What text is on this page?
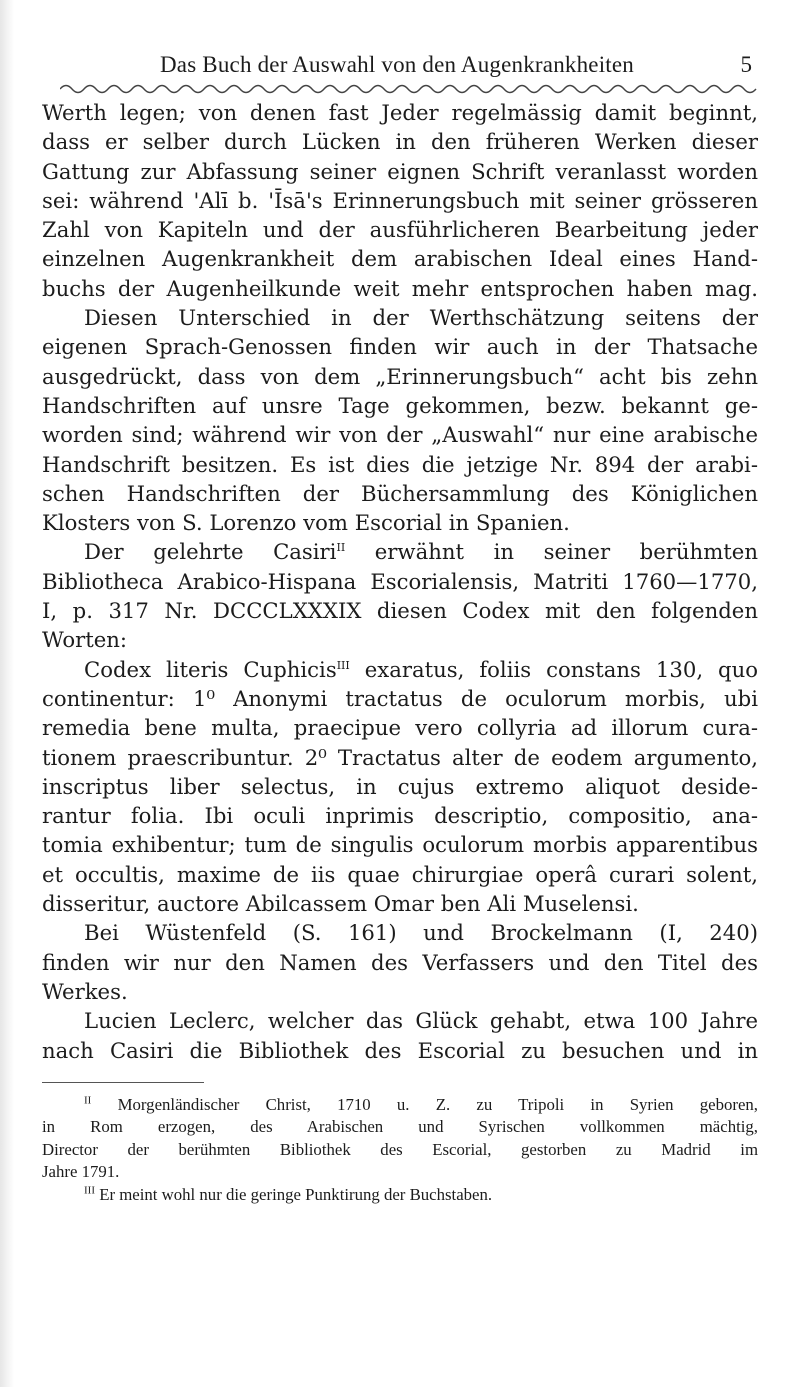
Das Buch der Auswahl von den Augenkrankheiten	5
Werth legen; von denen fast Jeder regelmässig damit beginnt,
dass er selber durch Lücken in den früheren Werken dieser
Gattung zur Abfassung seiner eignen Schrift veranlasst worden
sei: während 'Alī b. 'Īsā's Erinnerungsbuch mit seiner grösseren
Zahl von Kapiteln und der ausführlicheren Bearbeitung jeder
einzelnen Augenkrankheit dem arabischen Ideal eines Hand-
buchs der Augenheilkunde weit mehr entsprochen haben mag.
Diesen Unterschied in der Werthschätzung seitens der
eigenen Sprach-Genossen finden wir auch in der Thatsache
ausgedrückt, dass von dem „Erinnerungsbuch“ acht bis zehn
Handschriften auf unsre Tage gekommen, bezw. bekannt ge-
worden sind; während wir von der „Auswahl“ nur eine arabische
Handschrift besitzen. Es ist dies die jetzige Nr. 894 der arabi-
schen Handschriften der Büchersammlung des Königlichen
Klosters von S. Lorenzo vom Escorial in Spanien.
Der gelehrte Casiri$^{II}$ erwähnt in seiner berühmten
Bibliotheca Arabico-Hispana Escorialensis, Matriti 1760—1770,
I, p. 317 Nr. DCCCLXXXIX diesen Codex mit den folgenden
Worten:
Codex literis Cuphicis$^{III}$ exaratus, foliis constans 130, quo
continentur: 1⁰ Anonymi tractatus de oculorum morbis, ubi
remedia bene multa, praecipue vero collyria ad illorum cura-
tionem praescribuntur. 2⁰ Tractatus alter de eodem argumento,
inscriptus liber selectus, in cujus extremo aliquot deside-
rantur folia. Ibi oculi inprimis descriptio, compositio, ana-
tomia exhibentur; tum de singulis oculorum morbis apparentibus
et occultis, maxime de iis quae chirurgiae operâ curari solent,
disseritur, auctore Abilcassem Omar ben Ali Muselensi.
Bei Wüstenfeld (S. 161) und Brockelmann (I, 240)
finden wir nur den Namen des Verfassers und den Titel des
Werkes.
Lucien Leclerc, welcher das Glück gehabt, etwa 100 Jahre
nach Casiri die Bibliothek des Escorial zu besuchen und in
$^{II}$ Morgenländischer Christ, 1710 u. Z. zu Tripoli in Syrien geboren,
in Rom erzogen, des Arabischen und Syrischen vollkommen mächtig,
Director der berühmten Bibliothek des Escorial, gestorben zu Madrid im
Jahre 1791.
$^{III}$ Er meint wohl nur die geringe Punktirung der Buchstaben.
